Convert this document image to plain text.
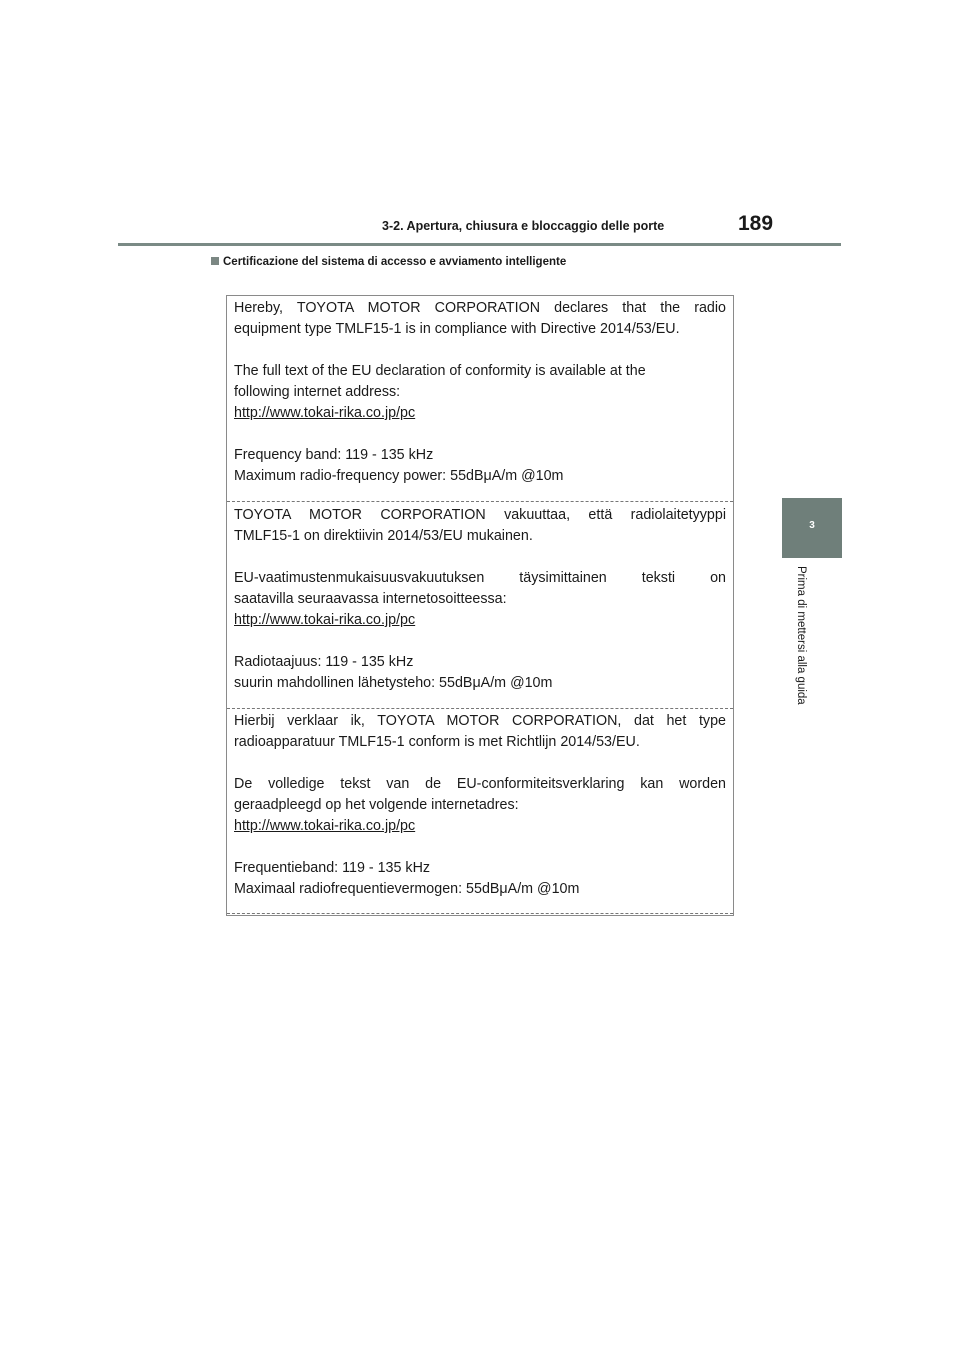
3-2. Apertura, chiusura e bloccaggio delle porte	189
3
Prima di mettersi alla guida
Certificazione del sistema di accesso e avviamento intelligente

Hereby, TOYOTA MOTOR CORPORATION declares that the radio

equipment type TMLF15-1 is in compliance with Directive 2014/53/EU.

The full text of the EU declaration of conformity is available at the

following internet address:

http://www.tokai-rika.co.jp/pc

Frequency band: 119 - 135 kHz

Maximum radio-frequency power: 55dBμA/m @10m

TOYOTA MOTOR CORPORATION vakuuttaa, että radiolaitetyyppi

TMLF15-1 on direktiivin 2014/53/EU mukainen.

EU-vaatimustenmukaisuusvakuutuksen täysimittainen teksti on

saatavilla seuraavassa internetosoitteessa:

http://www.tokai-rika.co.jp/pc

Radiotaajuus: 119 - 135 kHz

suurin mahdollinen lähetysteho: 55dBμA/m @10m

Hierbij verklaar ik, TOYOTA MOTOR CORPORATION, dat het type

radioapparatuur TMLF15-1 conform is met Richtlijn 2014/53/EU.

De volledige tekst van de EU-conformiteitsverklaring kan worden

geraadpleegd op het volgende internetadres:

http://www.tokai-rika.co.jp/pc

Frequentieband: 119 - 135 kHz

Maximaal radiofrequentievermogen: 55dBμA/m @10m
